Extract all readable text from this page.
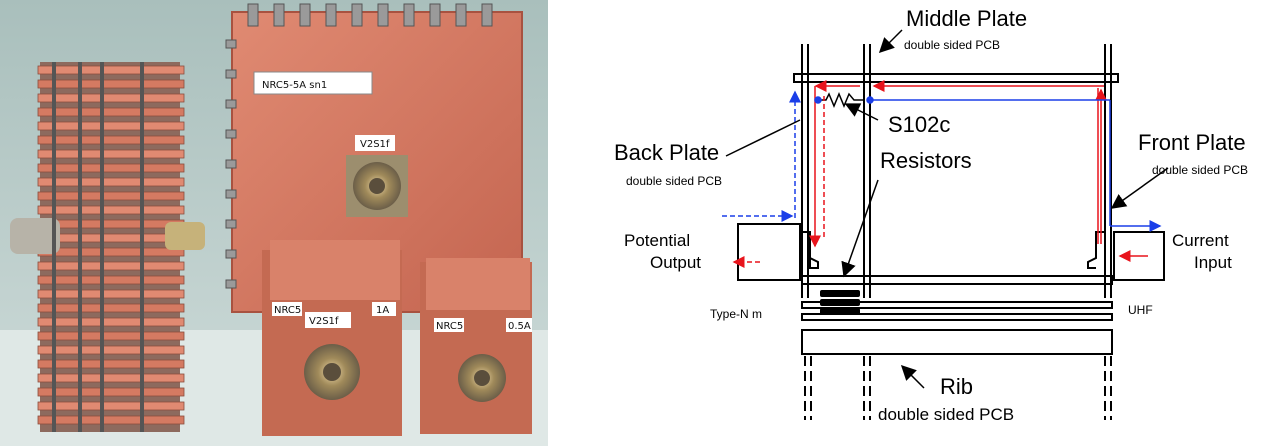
NRC5-5A sn1
V2S1f
NRC5
V2S1f
1A
NRC5	0.5A
Middle Plate
double sided PCB
Back Plate
double sided PCB
S102c
Resistors
Front Plate
double sided PCB
Potential
Output
Current
Input
Type-N m	UHF
Rib
double sided PCB
